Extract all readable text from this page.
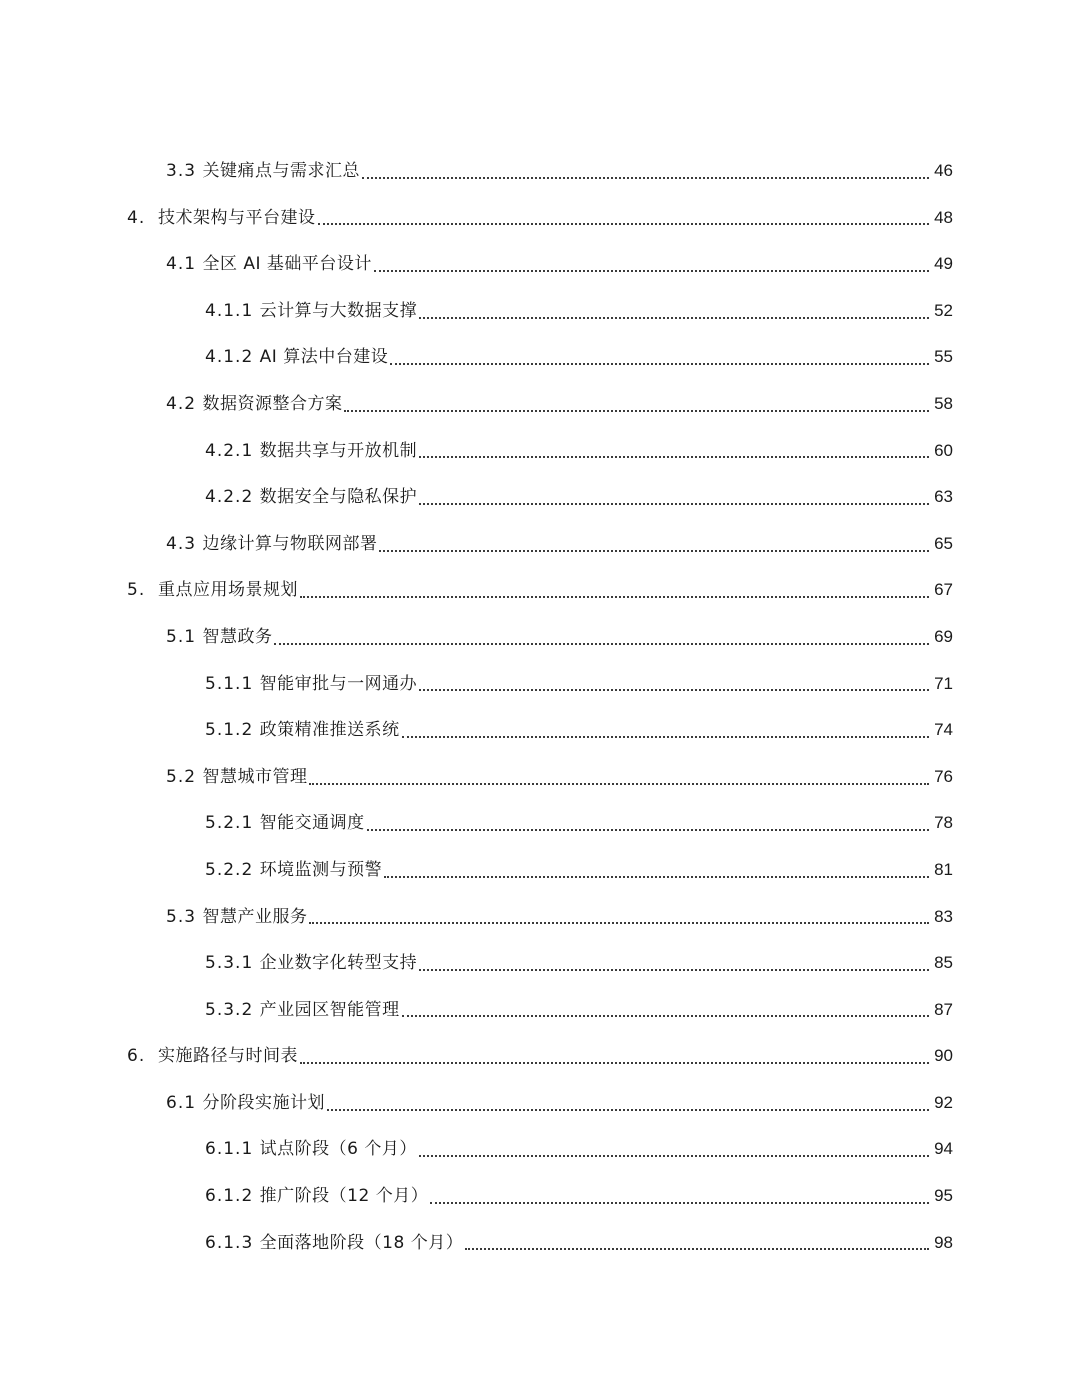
3.3 关键痛点与需求汇总	46
4. 技术架构与平台建设	48
4.1 全区 AI 基础平台设计	49
4.1.1 云计算与大数据支撑	52
4.1.2 AI 算法中台建设	55
4.2 数据资源整合方案	58
4.2.1 数据共享与开放机制	60
4.2.2 数据安全与隐私保护	63
4.3 边缘计算与物联网部署	65
5. 重点应用场景规划	67
5.1 智慧政务	69
5.1.1 智能审批与一网通办	71
5.1.2 政策精准推送系统	74
5.2 智慧城市管理	76
5.2.1 智能交通调度	78
5.2.2 环境监测与预警	81
5.3 智慧产业服务	83
5.3.1 企业数字化转型支持	85
5.3.2 产业园区智能管理	87
6. 实施路径与时间表	90
6.1 分阶段实施计划	92
6.1.1 试点阶段（6 个月）	94
6.1.2 推广阶段（12 个月）	95
6.1.3 全面落地阶段（18 个月）	98
